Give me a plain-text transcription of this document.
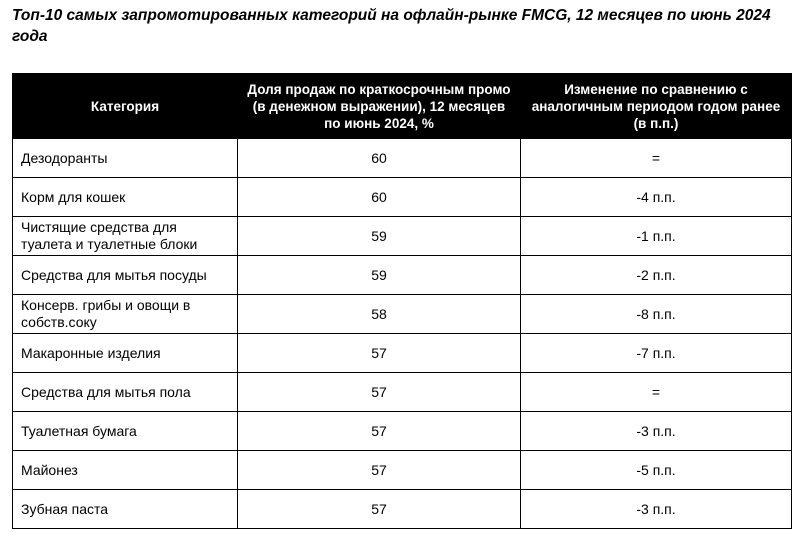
Топ-10 самых запромотированных категорий на офлайн-рынке FMCG, 12 месяцев по июнь 2024 года
Категория	Доля продаж по краткосрочным промо (в денежном выражении), 12 месяцев по июнь 2024, %	Изменение по сравнению с аналогичным периодом годом ранее (в п.п.)
Дезодоранты	60	=
Корм для кошек	60	-4 п.п.
Чистящие средства для туалета и туалетные блоки	59	-1 п.п.
Средства для мытья посуды	59	-2 п.п.
Консерв. грибы и овощи в собств.соку	58	-8 п.п.
Макаронные изделия	57	-7 п.п.
Средства для мытья пола	57	=
Туалетная бумага	57	-3 п.п.
Майонез	57	-5 п.п.
Зубная паста	57	-3 п.п.
